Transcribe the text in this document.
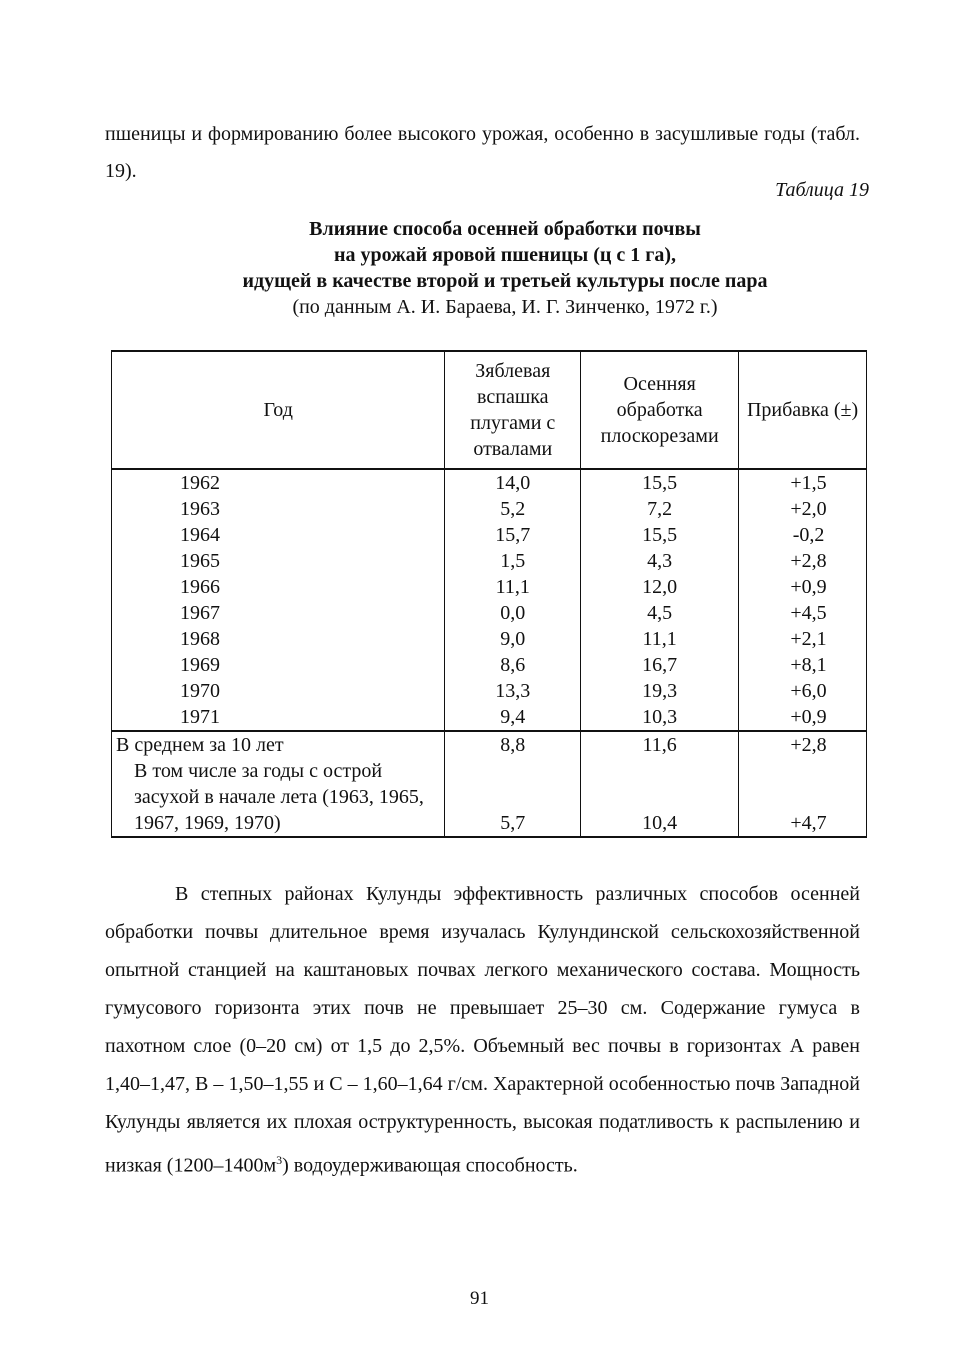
пшеницы и формированию более высокого урожая, особенно в засушливые годы (табл. 19).

Таблица 19
Влияние способа осенней обработки почвы
на урожай яровой пшеницы (ц с 1 га),
идущей в качестве второй и третьей культуры после пара
(по данным А. И. Бараева, И. Г. Зинченко, 1972 г.)
Год	Зяблевая вспашка плугами с отвалами	Осенняя обработка плоскорезами	Прибавка (±)
1962	14,0	15,5	+1,5
1963	5,2	7,2	+2,0
1964	15,7	15,5	-0,2
1965	1,5	4,3	+2,8
1966	11,1	12,0	+0,9
1967	0,0	4,5	+4,5
1968	9,0	11,1	+2,1
1969	8,6	16,7	+8,1
1970	13,3	19,3	+6,0
1971	9,4	10,3	+0,9
В среднем за 10 лет	8,8	11,6	+2,8
В том числе за годы с острой засухой в начале лета (1963, 1965, 1967, 1969, 1970)	5,7	10,4	+4,7

В степных районах Кулунды эффективность различных способов осенней обработки почвы длительное время изучалась Кулундинской сельскохозяйственной опытной станцией на каштановых почвах легкого механического состава. Мощность гумусового горизонта этих почв не превышает 25–30 см. Содержание гумуса в пахотном слое (0–20 см) от 1,5 до 2,5%. Объемный вес почвы в горизонтах А равен 1,40–1,47, В – 1,50–1,55 и С – 1,60–1,64 г/см. Характерной особенностью почв Западной Кулунды является их плохая оструктуренность, высокая податливость к распылению и низкая $(1200-1400м^3)$ водоудерживающая способность.

91
